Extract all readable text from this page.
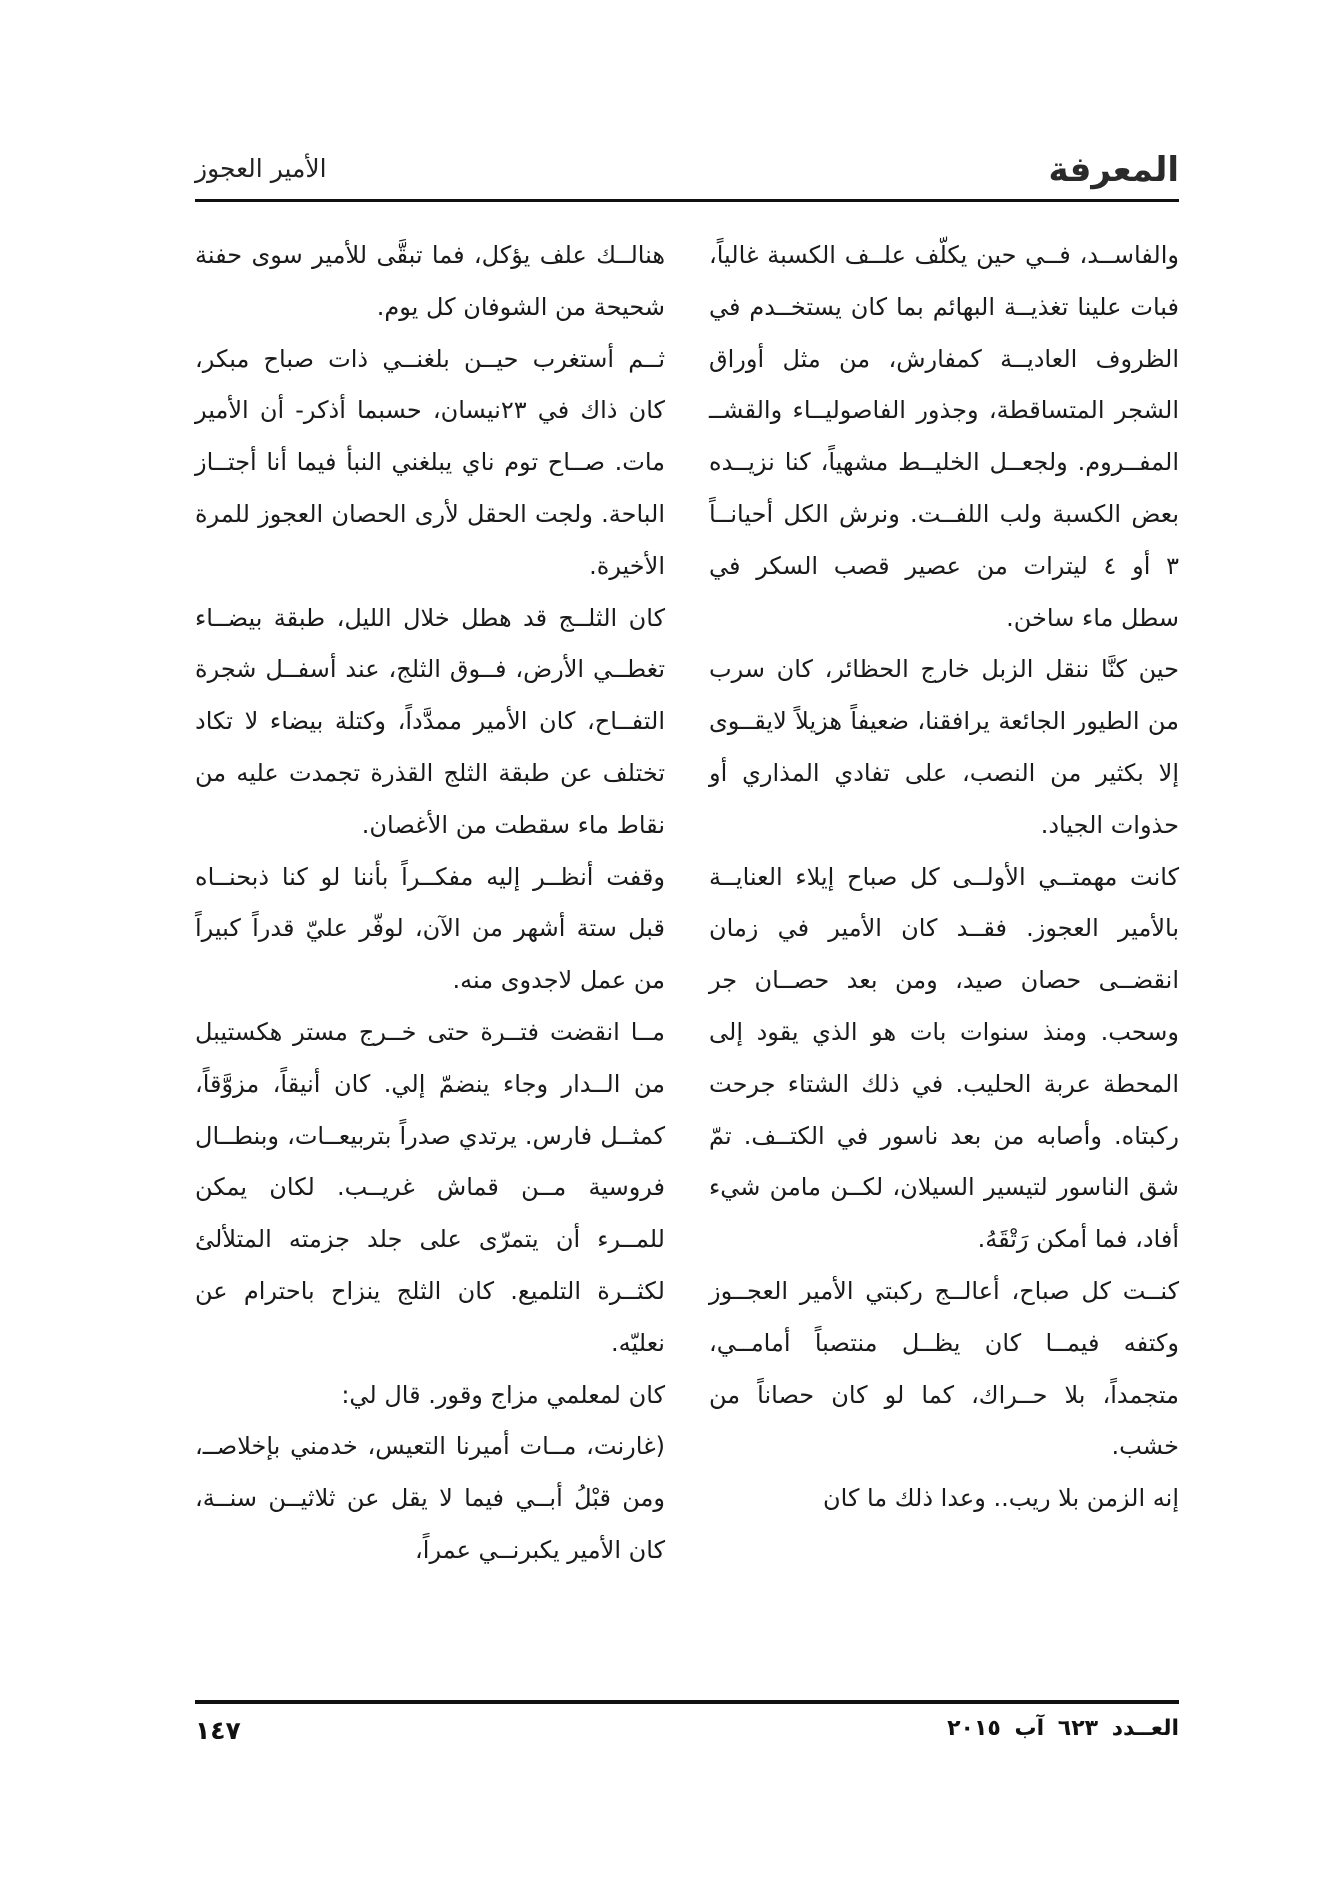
المعرفة
الأمير العجوز

والفاســد، فــي حين يكلّف علــف الكسبة غالياً، فبات علينا تغذيــة البهائم بما كان يستخــدم في الظروف العاديــة كمفارش، من مثل أوراق الشجر المتساقطة، وجذور الفاصوليــاء والقشــ المفــروم. ولجعــل الخليــط مشهياً، كنا نزيــده بعض الكسبة ولب اللفــت. ونرش الكل أحيانــاً ٣ أو ٤ ليترات من عصير قصب السكر في سطل ماء ساخن.

حين كنَّا ننقل الزبل خارج الحظائر، كان سرب من الطيور الجائعة يرافقنا، ضعيفاً هزيلاً لايقــوى إلا بكثير من النصب، على تفادي المذاري أو حذوات الجياد.

كانت مهمتــي الأولــى كل صباح إيلاء العنايــة بالأمير العجوز. فقــد كان الأمير في زمان انقضــى حصان صيد، ومن بعد حصــان جر وسحب. ومنذ سنوات بات هو الذي يقود إلى المحطة عربة الحليب. في ذلك الشتاء جرحت ركبتاه. وأصابه من بعد ناسور في الكتــف. تمّ شق الناسور لتيسير السيلان، لكــن مامن شيء أفاد، فما أمكن رَتْقَهُ.

كنــت كل صباح، أعالــج ركبتي الأمير العجــوز وكتفه فيمــا كان يظــل منتصباً أمامــي، متجمداً، بلا حــراك، كما لو كان حصاناً من خشب.

إنه الزمن بلا ريب.. وعدا ذلك ما كان

هنالــك علف يؤكل، فما تبقَّى للأمير سوى حفنة شحيحة من الشوفان كل يوم.

ثــم أستغرب حيــن بلغنــي ذات صباح مبكر، كان ذاك في ٢٣نيسان، حسبما أذكر- أن الأمير مات. صــاح توم ناي يبلغني النبأ فيما أنا أجتــاز الباحة. ولجت الحقل لأرى الحصان العجوز للمرة الأخيرة.

كان الثلــج قد هطل خلال الليل، طبقة بيضــاء تغطــي الأرض، فــوق الثلج، عند أسفــل شجرة التفــاح، كان الأمير ممدَّداً، وكتلة بيضاء لا تكاد تختلف عن طبقة الثلج القذرة تجمدت عليه من نقاط ماء سقطت من الأغصان.

وقفت أنظــر إليه مفكــراً بأننا لو كنا ذبحنــاه قبل ستة أشهر من الآن، لوفّر عليّ قدراً كبيراً من عمل لاجدوى منه.

مــا انقضت فتــرة حتى خــرج مستر هكستيبل من الــدار وجاء ينضمّ إلي. كان أنيقاً، مزوَّقاً، كمثــل فارس. يرتدي صدراً بتربيعــات، وبنطــال فروسية مــن قماش غريــب. لكان يمكن للمــرء أن يتمرّى على جلد جزمته المتلألئ لكثــرة التلميع. كان الثلج ينزاح باحترام عن نعليّه.

كان لمعلمي مزاج وقور. قال لي:

(غارنت، مــات أميرنا التعيس، خدمني بإخلاصــ، ومن قبْلُ أبــي فيما لا يقل عن ثلاثيــن سنــة، كان الأمير يكبرنــي عمراً،

العــدد ٦٢٣ آب ٢٠١٥
١٤٧
